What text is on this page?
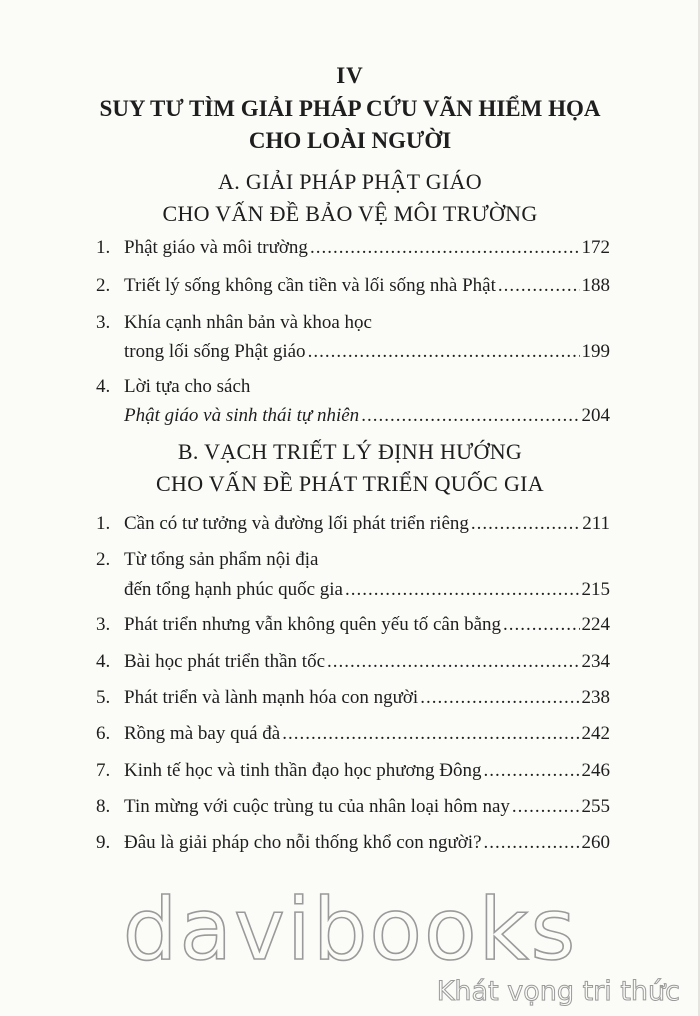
IV
SUY TƯ TÌM GIẢI PHÁP CỨU VÃN HIỂM HỌA
CHO LOÀI NGƯỜI
A. GIẢI PHÁP PHẬT GIÁO
CHO VẤN ĐỀ BẢO VỆ MÔI TRƯỜNG
1. Phật giáo và môi trường .....	172
2. Triết lý sống không cần tiền và lối sống nhà Phật .....	188
3. Khía cạnh nhân bản và khoa học
trong lối sống Phật giáo .....	199
4. Lời tựa cho sách
Phật giáo và sinh thái tự nhiên .....	204
B. VẠCH TRIẾT LÝ ĐỊNH HƯỚNG
CHO VẤN ĐỀ PHÁT TRIỂN QUỐC GIA
1. Cần có tư tưởng và đường lối phát triển riêng .....	211
2. Từ tổng sản phẩm nội địa
đến tổng hạnh phúc quốc gia .....	215
3. Phát triển nhưng vẫn không quên yếu tố cân bằng .....	224
4. Bài học phát triển thần tốc .....	234
5. Phát triển và lành mạnh hóa con người .....	238
6. Rồng mà bay quá đà .....	242
7. Kinh tế học và tinh thần đạo học phương Đông .....	246
8. Tin mừng với cuộc trùng tu của nhân loại hôm nay .....	255
9. Đâu là giải pháp cho nỗi thống khổ con người? .....	260
davibooks
Khát vọng tri thức
